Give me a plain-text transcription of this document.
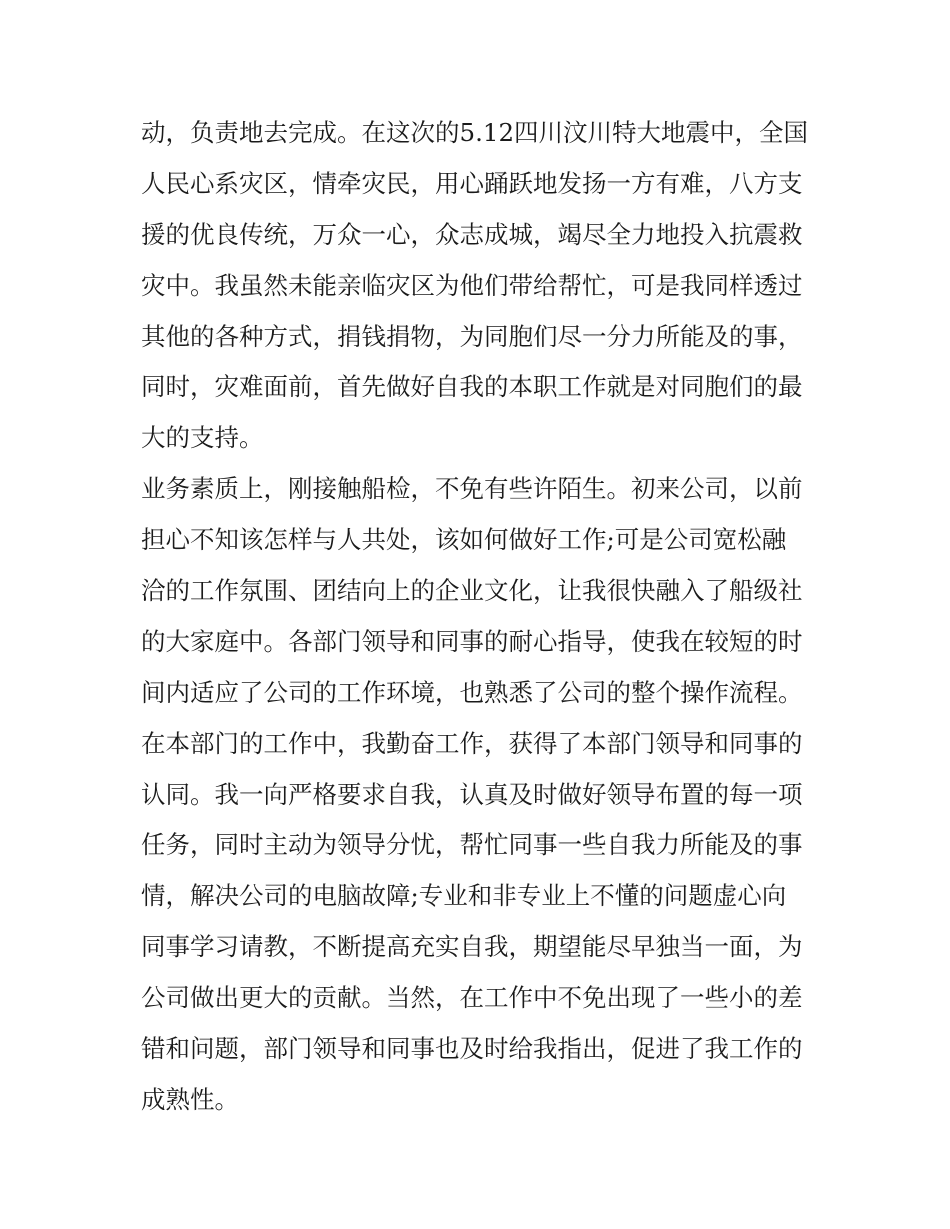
动，负责地去完成。在这次的5.12四川汶川特大地震中，全国
人民心系灾区，情牵灾民，用心踊跃地发扬一方有难，八方支
援的优良传统，万众一心，众志成城，竭尽全力地投入抗震救
灾中。我虽然未能亲临灾区为他们带给帮忙，可是我同样透过
其他的各种方式，捐钱捐物，为同胞们尽一分力所能及的事，
同时，灾难面前，首先做好自我的本职工作就是对同胞们的最
大的支持。
业务素质上，刚接触船检，不免有些许陌生。初来公司，以前
担心不知该怎样与人共处，该如何做好工作;可是公司宽松融
洽的工作氛围、团结向上的企业文化，让我很快融入了船级社
的大家庭中。各部门领导和同事的耐心指导，使我在较短的时
间内适应了公司的工作环境，也熟悉了公司的整个操作流程。
在本部门的工作中，我勤奋工作，获得了本部门领导和同事的
认同。我一向严格要求自我，认真及时做好领导布置的每一项
任务，同时主动为领导分忧，帮忙同事一些自我力所能及的事
情，解决公司的电脑故障;专业和非专业上不懂的问题虚心向
同事学习请教，不断提高充实自我，期望能尽早独当一面，为
公司做出更大的贡献。当然，在工作中不免出现了一些小的差
错和问题，部门领导和同事也及时给我指出，促进了我工作的
成熟性。
